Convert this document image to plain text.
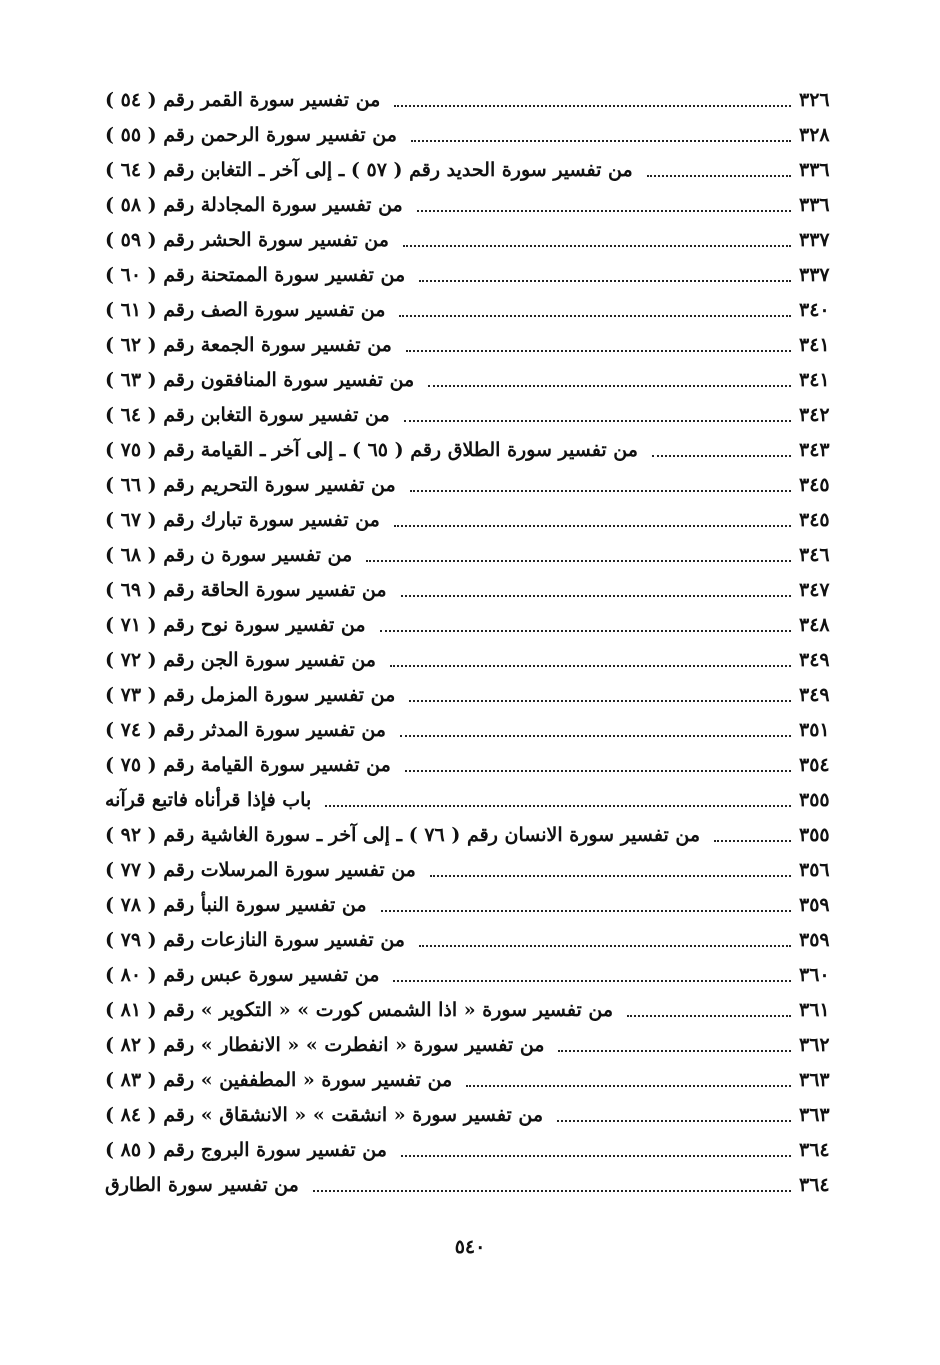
من تفسير سورة القمر رقم ( ٥٤ )	٣٢٦
من تفسير سورة الرحمن رقم ( ٥٥ )	٣٢٨
من تفسير سورة الحديد رقم ( ٥٧ ) ـ إلى آخر ـ التغابن رقم ( ٦٤ )	٣٣٦
من تفسير سورة المجادلة رقم ( ٥٨ )	٣٣٦
من تفسير سورة الحشر رقم ( ٥٩ )	٣٣٧
من تفسير سورة الممتحنة رقم ( ٦٠ )	٣٣٧
من تفسير سورة الصف رقم ( ٦١ )	٣٤٠
من تفسير سورة الجمعة رقم ( ٦٢ )	٣٤١
من تفسير سورة المنافقون رقم ( ٦٣ )	٣٤١
من تفسير سورة التغابن رقم ( ٦٤ )	٣٤٢
من تفسير سورة الطلاق رقم ( ٦٥ ) ـ إلى آخر ـ القيامة رقم ( ٧٥ )	٣٤٣
من تفسير سورة التحريم رقم ( ٦٦ )	٣٤٥
من تفسير سورة تبارك رقم ( ٦٧ )	٣٤٥
من تفسير سورة ن رقم ( ٦٨ )	٣٤٦
من تفسير سورة الحاقة رقم ( ٦٩ )	٣٤٧
من تفسير سورة نوح رقم ( ٧١ )	٣٤٨
من تفسير سورة الجن رقم ( ٧٢ )	٣٤٩
من تفسير سورة المزمل رقم ( ٧٣ )	٣٤٩
من تفسير سورة المدثر رقم ( ٧٤ )	٣٥١
من تفسير سورة القيامة رقم ( ٧٥ )	٣٥٤
باب فإذا قرأناه فاتبع قرآنه	٣٥٥
من تفسير سورة الانسان رقم ( ٧٦ ) ـ إلى آخر ـ سورة الغاشية رقم ( ٩٢ )	٣٥٥
من تفسير سورة المرسلات رقم ( ٧٧ )	٣٥٦
من تفسير سورة النبأ رقم ( ٧٨ )	٣٥٩
من تفسير سورة النازعات رقم ( ٧٩ )	٣٥٩
من تفسير سورة عبس رقم ( ٨٠ )	٣٦٠
من تفسير سورة « اذا الشمس كورت » « التكوير » رقم ( ٨١ )	٣٦١
من تفسير سورة « انفطرت » « الانفطار » رقم ( ٨٢ )	٣٦٢
من تفسير سورة « المطففين » رقم ( ٨٣ )	٣٦٣
من تفسير سورة « انشقت » « الانشقاق » رقم ( ٨٤ )	٣٦٣
من تفسير سورة البروج رقم ( ٨٥ )	٣٦٤
من تفسير سورة الطارق	٣٦٤
٥٤٠
